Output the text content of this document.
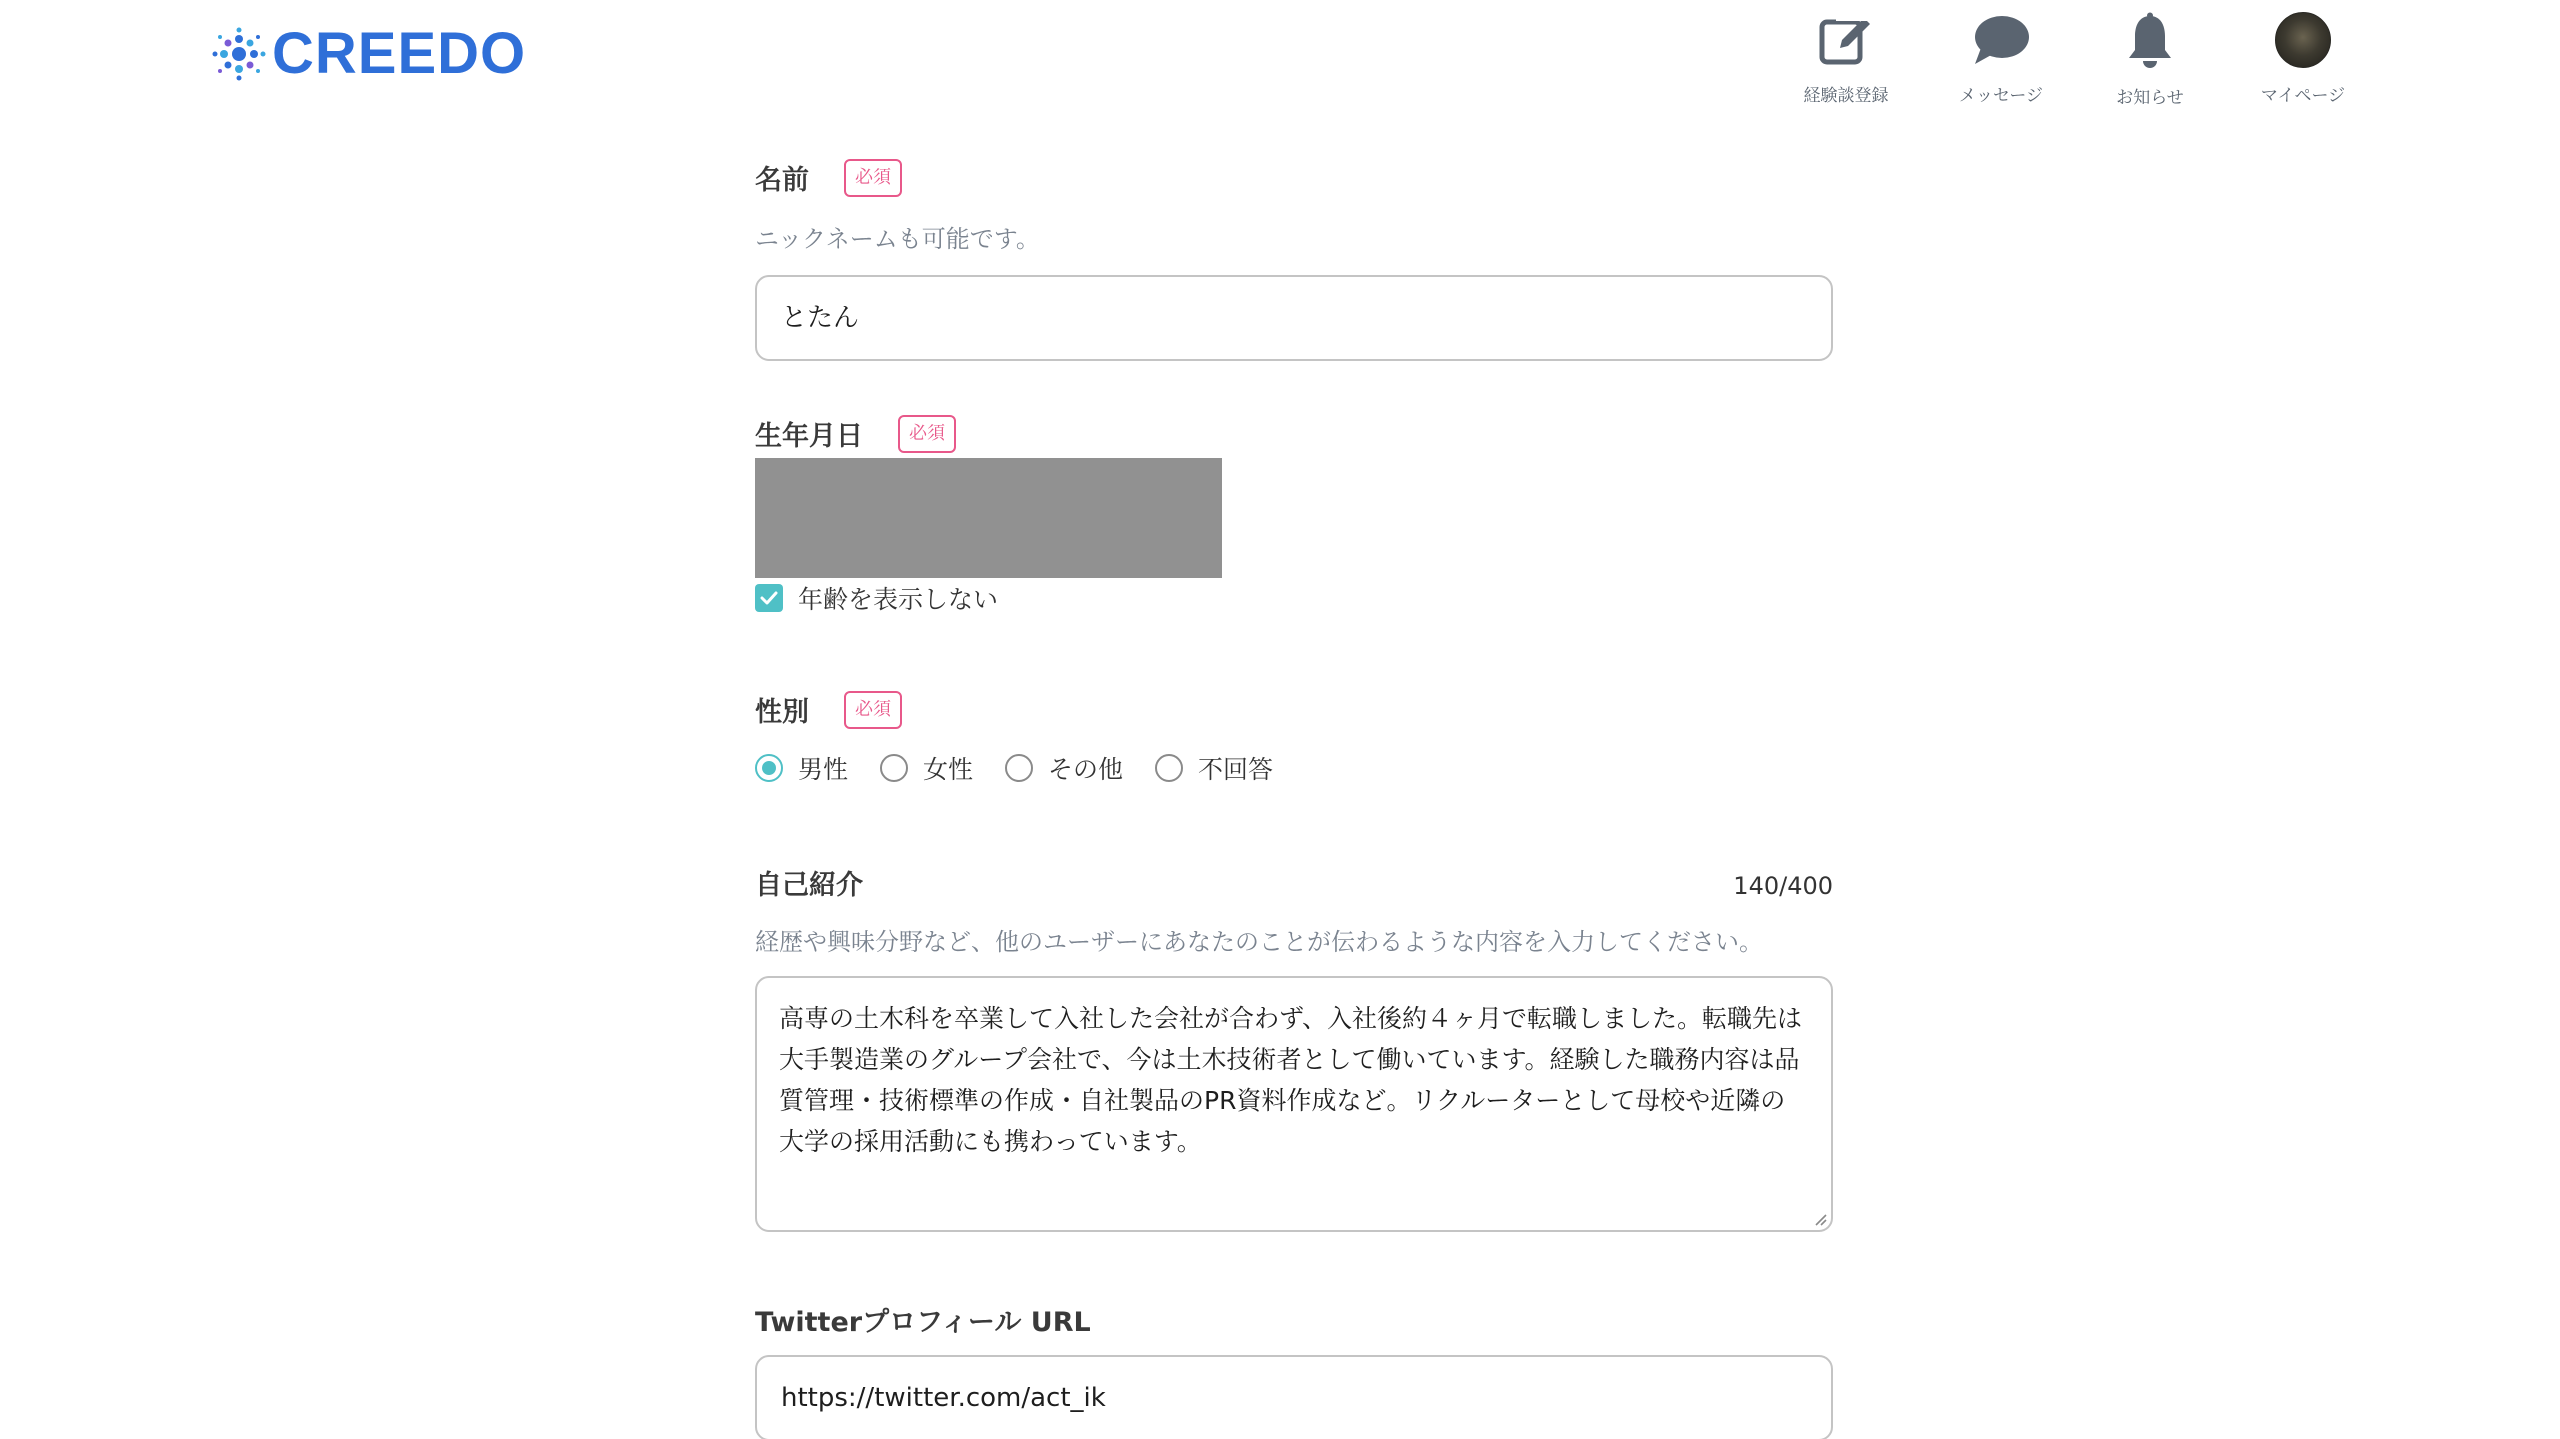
CREEDO
経験談登録	メッセージ	お知らせ	マイページ
名前	必須
ニックネームも可能です。
とたん
生年月日	必須
年齢を表示しない
性別	必須
男性	女性	その他	不回答
自己紹介	140/400
経歴や興味分野など、他のユーザーにあなたのことが伝わるような内容を入力してください。
高専の土木科を卒業して入社した会社が合わず、入社後約４ヶ月で転職しました。転職先は
大手製造業のグループ会社で、今は土木技術者として働いています。経験した職務内容は品
質管理・技術標準の作成・自社製品のPR資料作成など。リクルーターとして母校や近隣の
大学の採用活動にも携わっています。
Twitterプロフィール URL
https://twitter.com/act_ik
